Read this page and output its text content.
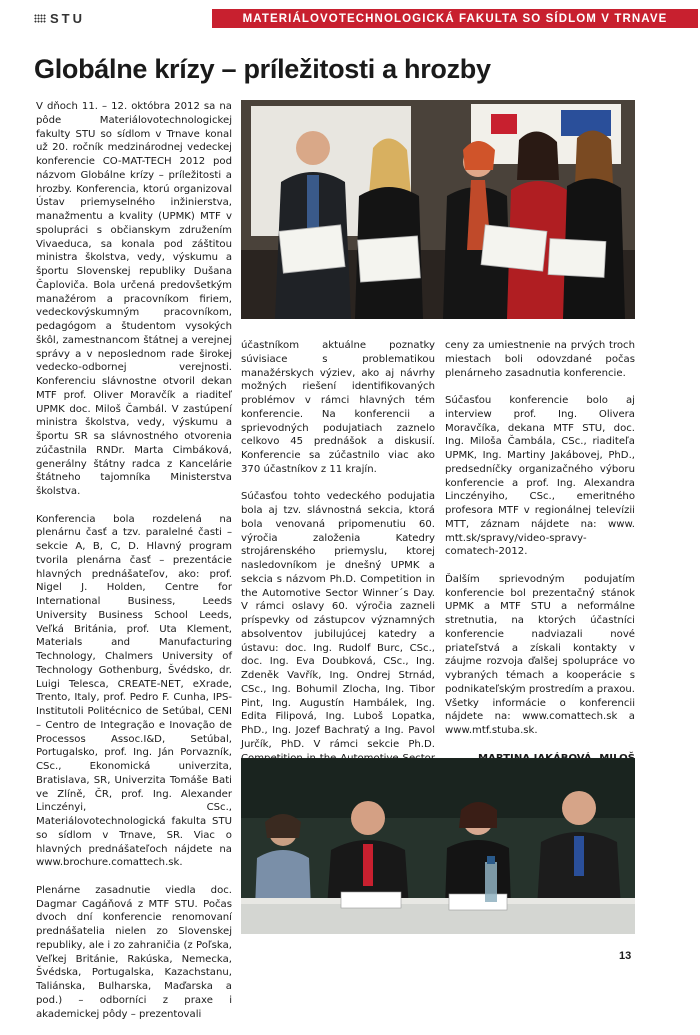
STU	MATERIÁLOVOTECHNOLOGICKÁ FAKULTA SO SÍDLOM V TRNAVE
Globálne krízy – príležitosti a hrozby

V dňoch 11. – 12. októbra 2012 sa na pôde Materiálovotechnologickej fakulty STU so sídlom v Trnave konal už 20. ročník medzinárodnej vedeckej konferencie CO-MAT-TECH 2012 pod názvom Globálne krízy – príležitosti a hrozby. Konferencia, ktorú organizoval Ústav priemyselného inžinierstva, manažmentu a kvality (UPMK) MTF v spolupráci s občianskym združením Vivaeduca, sa konala pod záštitou ministra školstva, vedy, výskumu a športu Slovenskej republiky Dušana Čaploviča. Bola určená predovšetkým manažérom a pracovníkom firiem, vedeckovýskumným pracovníkom, pedagógom a študentom vysokých škôl, zamestnancom štátnej a verejnej správy a v neposlednom rade širokej vedecko-odbornej verejnosti. Konferenciu slávnostne otvoril dekan MTF prof. Oliver Moravčík a riaditeľ UPMK doc. Miloš Čambál. V zastúpení ministra školstva, vedy, výskumu a športu SR sa slávnostného otvorenia zúčastnila RNDr. Marta Cimbáková, generálny štátny radca z Kancelárie štátneho tajomníka Ministerstva školstva.

Konferencia bola rozdelená na plenárnu časť a tzv. paralelné časti – sekcie A, B, C, D. Hlavný program tvorila plenárna časť – prezentácie hlavných prednášateľov, ako: prof. Nigel J. Holden, Centre for International Business, Leeds University Business School Leeds, Veľká Británia, prof. Uta Klement, Materials and Manufacturing Technology, Chalmers University of Technology Gothenburg, Švédsko, dr. Luigi Telesca, CREATE-NET, eXrade, Trento, Italy, prof. Pedro F. Cunha, IPS-Institutoli Politécnico de Setúbal, CENI – Centro de Integração e Inovação de Processos Assoc.I&D, Setúbal, Portugalsko, prof. Ing. Ján Porvazník, CSc., Ekonomická univerzita, Bratislava, SR, Univerzita Tomáše Bati ve Zlíně, ČR, prof. Ing. Alexander Linczényi, CSc., Materiálovotechnologická fakulta STU so sídlom v Trnave, SR. Viac o hlavných prednášateľoch nájdete na www.brochure.comattech.sk.

Plenárne zasadnutie viedla doc. Dagmar Cagáňová z MTF STU. Počas dvoch dní konferencie renomovaní prednášatelia nielen zo Slovenskej republiky, ale i zo zahraničia (z Poľska, Veľkej Británie, Rakúska, Nemecka, Švédska, Portugalska, Kazachstanu, Taliánska, Bulharska, Maďarska a pod.) – odborníci z praxe i akademickej pôdy – prezentovali

účastníkom aktuálne poznatky súvisiace s problematikou manažérskych výziev, ako aj návrhy možných riešení identifikovaných problémov v rámci hlavných tém konferencie. Na konferencii a sprievodných podujatiach zaznelo celkovo 45 prednášok a diskusií. Konferencie sa zúčastnilo viac ako 370 účastníkov z 11 krajín.

Súčasťou tohto vedeckého podujatia bola aj tzv. slávnostná sekcia, ktorá bola venovaná pripomenutiu 60. výročia založenia Katedry strojárenského priemyslu, ktorej nasledovníkom je dnešný UPMK a sekcia s názvom Ph.D. Competition in the Automotive Sector Winner´s Day. V rámci oslavy 60. výročia zazneli príspevky od zástupcov významných absolventov jubilujúcej katedry a ústavu: doc. Ing. Rudolf Burc, CSc., doc. Ing. Eva Doubková, CSc., Ing. Zdeněk Vavřík, Ing. Ondrej Strnád, CSc., Ing. Bohumil Zlocha, Ing. Tibor Pint, Ing. Augustín Hambálek, Ing. Edita Filipová, Ing. Luboš Lopatka, PhD., Ing. Jozef Bachratý a Ing. Pavol Jurčík, PhD. V rámci sekcie Ph.D.

ceny za umiestnenie na prvých troch miestach boli odovzdané počas plenárneho zasadnutia konferencie.

Súčasťou konferencie bolo aj interview prof. Ing. Olivera Moravčíka, dekana MTF STU, doc. Ing. Miloša Čambála, CSc., riaditeľa UPMK, Ing. Martiny Jakábovej, PhD., predsedníčky organizačného výboru konferencie a prof. Ing. Alexandra Linczényiho, CSc., emeritného profesora MTF v regionálnej televízii MTT, záznam nájdete na: www. mtt.sk/spravy/video-spravy-comatech-2012.

Ďalším sprievodným podujatím konferencie bol prezentačný stánok UPMK a MTF STU a neformálne stretnutia, na ktorých účastníci konferencie nadviazali nové priateľstvá a získali kontakty v záujme rozvoja ďalšej spolupráce vo vybraných témach a kooperácie s podnikateľským prostredím a praxou. Všetky informácie o konferencii nájdete na: www.comattech.sk a www.mtf.stuba.sk.

13
